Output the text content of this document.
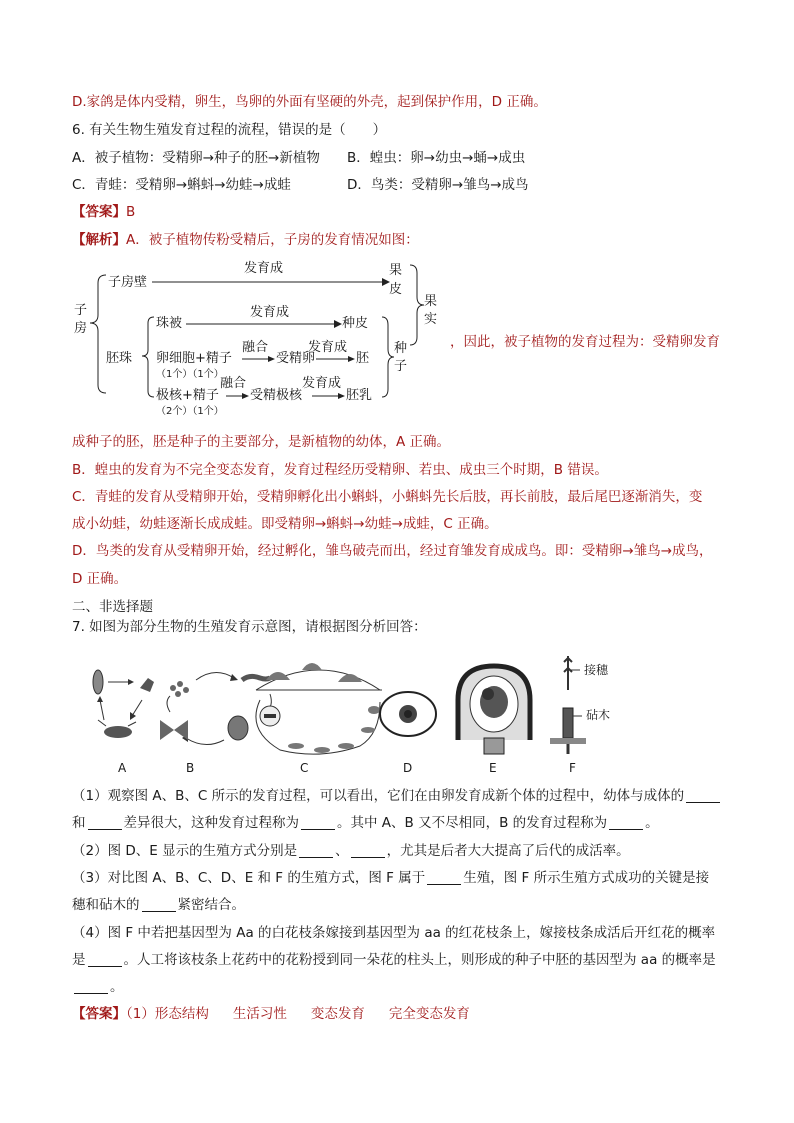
D.家鸽是体内受精，卵生，鸟卵的外面有坚硬的外壳，起到保护作用，D 正确。
6. 有关生物生殖发育过程的流程，错误的是（　　）
A．被子植物：受精卵→种子的胚→新植物 B．蝗虫：卵→幼虫→蛹→成虫
C．青蛙：受精卵→蝌蚪→幼蛙→成蛙	D．鸟类：受精卵→雏鸟→成鸟
【答案】B
【解析】A．被子植物传粉受精后，子房的发育情况如图：
子
房
子房壁
发育成	果
皮
果
实
胚珠
珠被
发育成
种皮
卵细胞+精子
（1个）（1个）
融合
受精卵
发育成
胚
种
子
融合
极核+精子
（2个）（1个）
受精极核
发育成
胚乳
，因此，被子植物的发育过程为：受精卵发育
成种子的胚，胚是种子的主要部分，是新植物的幼体，A 正确。
B．蝗虫的发育为不完全变态发育，发育过程经历受精卵、若虫、成虫三个时期，B 错误。
C．青蛙的发育从受精卵开始，受精卵孵化出小蝌蚪，小蝌蚪先长后肢，再长前肢，最后尾巴逐渐消失，变
成小幼蛙，幼蛙逐渐长成成蛙。即受精卵→蝌蚪→幼蛙→成蛙，C 正确。
D．鸟类的发育从受精卵开始，经过孵化，雏鸟破壳而出，经过育雏发育成成鸟。即：受精卵→雏鸟→成鸟，
D 正确。
二、非选择题
7. 如图为部分生物的生殖发育示意图，请根据图分析回答：
接穗
砧木
A	B	C	D	E	F
（1）观察图 A、B、C 所示的发育过程，可以看出，它们在由卵发育成新个体的过程中，幼体与成体的
和	差异很大，这种发育过程称为	。其中 A、B 又不尽相同，B 的发育过程称为	。
（2）图 D、E 显示的生殖方式分别是	、	，尤其是后者大大提高了后代的成活率。
（3）对比图 A、B、C、D、E 和 F 的生殖方式，图 F 属于	生殖，图 F 所示生殖方式成功的关键是接
穗和砧木的	紧密结合。
（4）图 F 中若把基因型为 Aa 的白花枝条嫁接到基因型为 aa 的红花枝条上，嫁接枝条成活后开红花的概率
是	。人工将该枝条上花药中的花粉授到同一朵花的柱头上，则形成的种子中胚的基因型为 aa 的概率是
。
【答案】（1）形态结构 生活习性 变态发育 完全变态发育
